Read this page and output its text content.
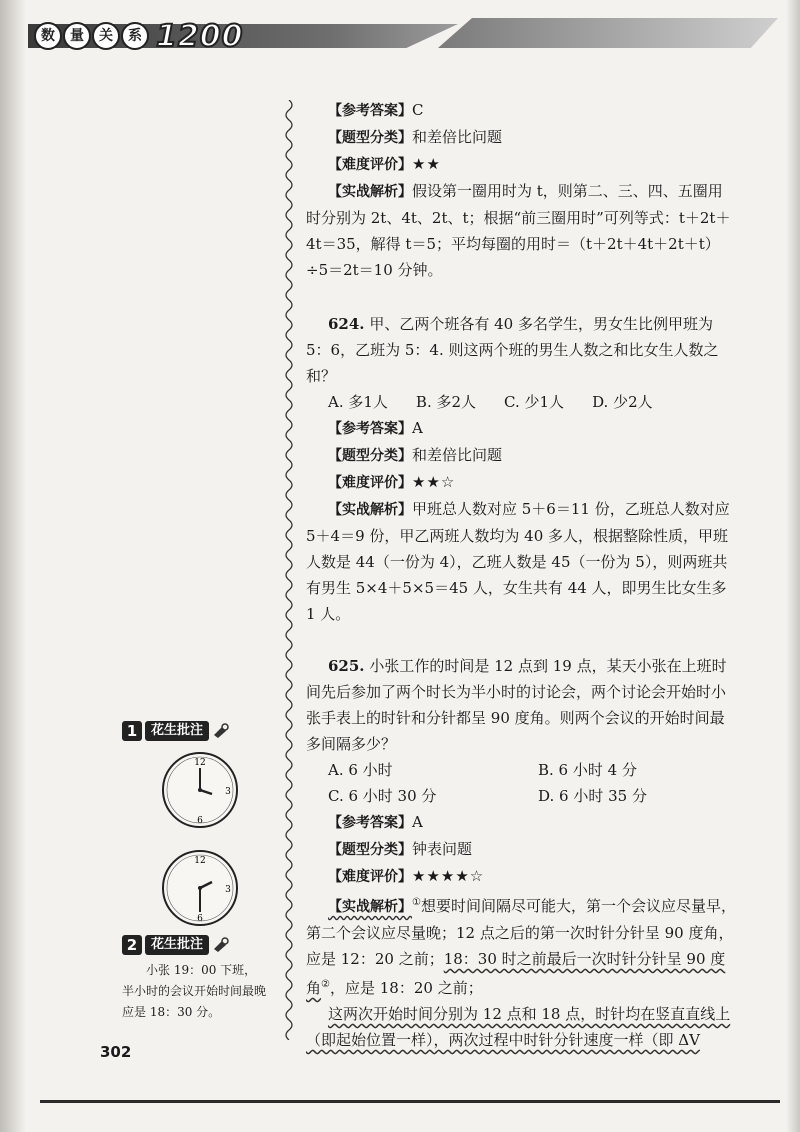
数	量	关	系 1200
【参考答案】C
【题型分类】和差倍比问题
【难度评价】★★

【实战解析】假设第一圈用时为 t，则第二、三、四、五圈用时分别为 2t、4t、2t、t；根据“前三圈用时”可列等式：t＋2t＋4t＝35，解得 t＝5；平均每圈的用时＝（t＋2t＋4t＋2t＋t）÷5＝2t＝10 分钟。

624. 甲、乙两个班各有 40 多名学生，男女生比例甲班为 5：6，乙班为 5：4. 则这两个班的男生人数之和比女生人数之和？

A. 多1人 B. 多2人 C. 少1人 D. 少2人
【参考答案】A
【题型分类】和差倍比问题
【难度评价】★★☆

【实战解析】甲班总人数对应 5＋6＝11 份，乙班总人数对应 5＋4＝9 份，甲乙两班人数均为 40 多人，根据整除性质，甲班人数是 44（一份为 4），乙班人数是 45（一份为 5），则两班共有男生 5×4＋5×5＝45 人，女生共有 44 人，即男生比女生多 1 人。

625. 小张工作的时间是 12 点到 19 点，某天小张在上班时间先后参加了两个时长为半小时的讨论会，两个讨论会开始时小张手表上的时针和分针都呈 90 度角。则两个会议的开始时间最多间隔多少？

A. 6 小时	B. 6 小时 4 分
C. 6 小时 30 分	D. 6 小时 35 分
【参考答案】A
【题型分类】钟表问题
【难度评价】★★★★☆

【实战解析】①想要时间间隔尽可能大，第一个会议应尽量早，第二个会议应尽量晚；12 点之后的第一次时针分针呈 90 度角，应是 12：20 之前；18：30 时之前最后一次时针分针呈 90 度角②，应是 18：20 之前；

这两次开始时间分别为 12 点和 18 点，时针均在竖直直线上（即起始位置一样），两次过程中时针分针速度一样（即 ΔV

1	花生批注
12
3
6
12
3
6
2	花生批注
小张 19：00 下班，半小时的会议开始时间最晚应是 18：30 分。
302
